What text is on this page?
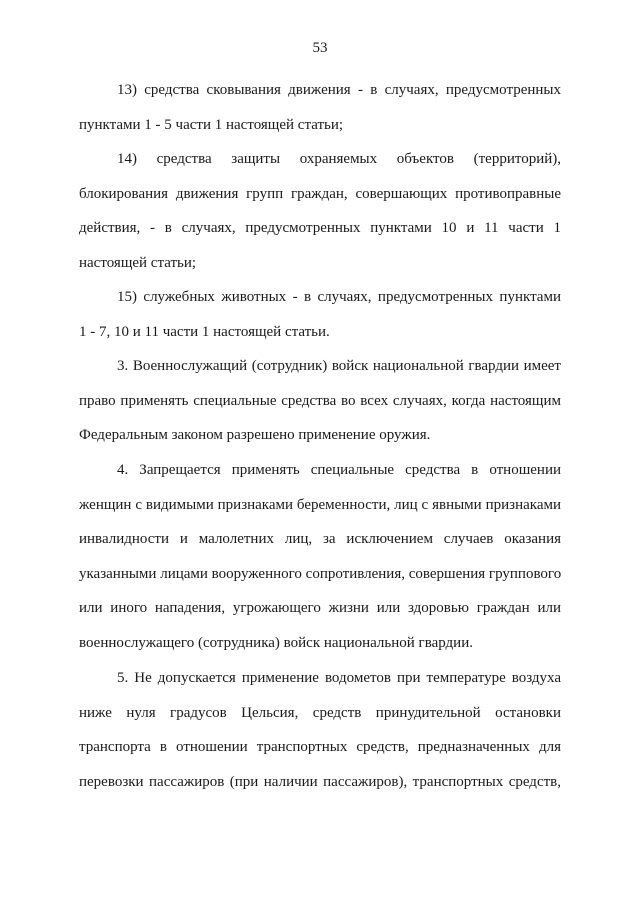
53

13) средства сковывания движения - в случаях, предусмотренных
пунктами 1 - 5 части 1 настоящей статьи;

14) средства защиты охраняемых объектов (территорий),
блокирования движения групп граждан, совершающих противоправные
действия, - в случаях, предусмотренных пунктами 10 и 11 части 1
настоящей статьи;

15) служебных животных - в случаях, предусмотренных пунктами
1 - 7, 10 и 11 части 1 настоящей статьи.

3. Военнослужащий (сотрудник) войск национальной гвардии имеет
право применять специальные средства во всех случаях, когда настоящим
Федеральным законом разрешено применение оружия.

4. Запрещается применять специальные средства в отношении
женщин с видимыми признаками беременности, лиц с явными признаками
инвалидности и малолетних лиц, за исключением случаев оказания
указанными лицами вооруженного сопротивления, совершения группового
или иного нападения, угрожающего жизни или здоровью граждан или
военнослужащего (сотрудника) войск национальной гвардии.

5. Не допускается применение водометов при температуре воздуха
ниже нуля градусов Цельсия, средств принудительной остановки
транспорта в отношении транспортных средств, предназначенных для
перевозки пассажиров (при наличии пассажиров), транспортных средств,
